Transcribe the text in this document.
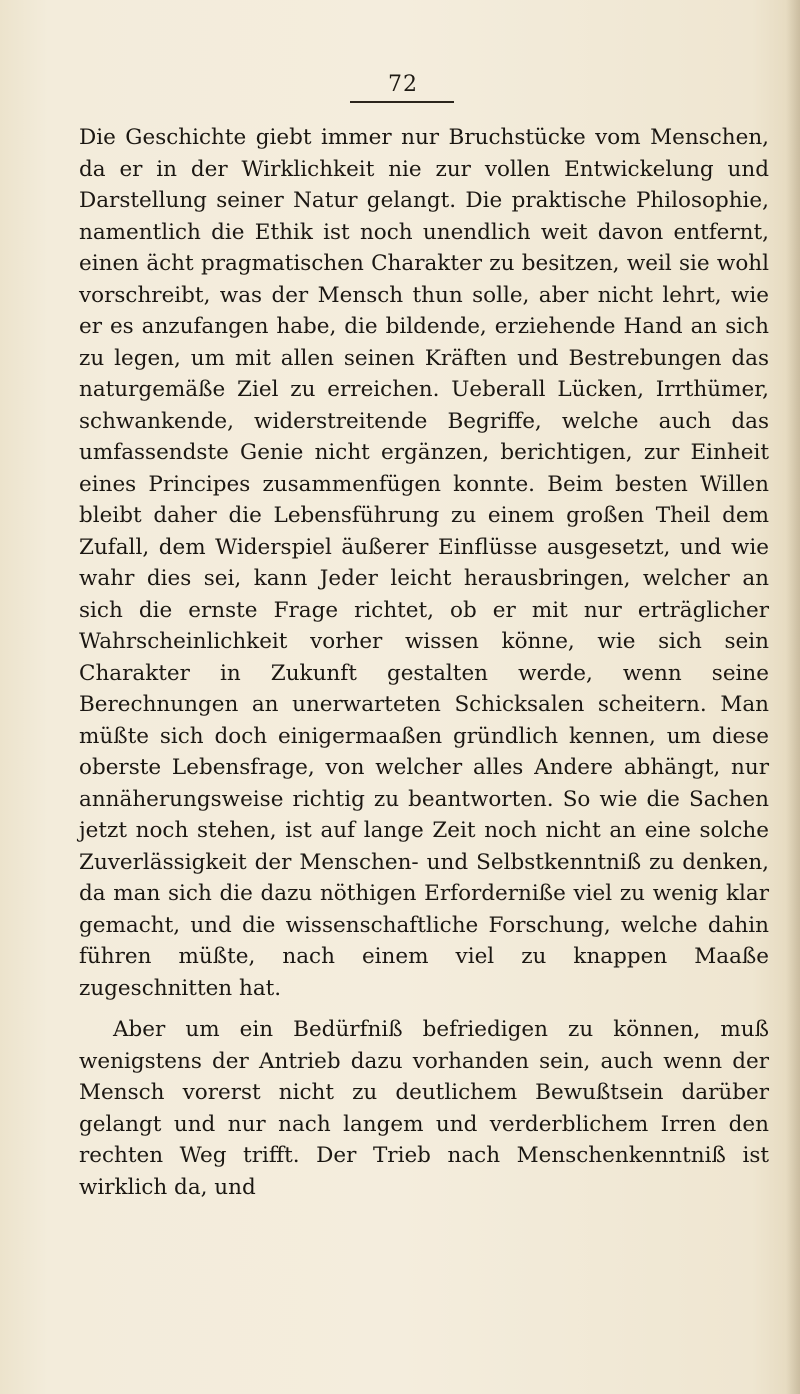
72

Die Geschichte giebt immer nur Bruchstücke vom Menschen, da er in der Wirklichkeit nie zur vollen Entwickelung und Darstellung seiner Natur gelangt. Die praktische Philosophie, namentlich die Ethik ist noch unendlich weit davon entfernt, einen ächt pragmatischen Charakter zu besitzen, weil sie wohl vorschreibt, was der Mensch thun solle, aber nicht lehrt, wie er es anzufangen habe, die bildende, erziehende Hand an sich zu legen, um mit allen seinen Kräften und Bestrebungen das naturgemäße Ziel zu erreichen. Ueberall Lücken, Irrthümer, schwankende, widerstreitende Begriffe, welche auch das umfassendste Genie nicht ergänzen, berichtigen, zur Einheit eines Principes zusammenfügen konnte. Beim besten Willen bleibt daher die Lebensführung zu einem großen Theil dem Zufall, dem Widerspiel äußerer Einflüsse ausgesetzt, und wie wahr dies sei, kann Jeder leicht herausbringen, welcher an sich die ernste Frage richtet, ob er mit nur erträglicher Wahrscheinlichkeit vorher wissen könne, wie sich sein Charakter in Zukunft gestalten werde, wenn seine Berechnungen an unerwarteten Schicksalen scheitern. Man müßte sich doch einigermaaßen gründlich kennen, um diese oberste Lebensfrage, von welcher alles Andere abhängt, nur annäherungsweise richtig zu beantworten. So wie die Sachen jetzt noch stehen, ist auf lange Zeit noch nicht an eine solche Zuverlässigkeit der Menschen- und Selbstkenntniß zu denken, da man sich die dazu nöthigen Erforderniße viel zu wenig klar gemacht, und die wissenschaftliche Forschung, welche dahin führen müßte, nach einem viel zu knappen Maaße zugeschnitten hat.

Aber um ein Bedürfniß befriedigen zu können, muß wenigstens der Antrieb dazu vorhanden sein, auch wenn der Mensch vorerst nicht zu deutlichem Bewußtsein darüber gelangt und nur nach langem und verderblichem Irren den rechten Weg trifft. Der Trieb nach Menschenkenntniß ist wirklich da, und
